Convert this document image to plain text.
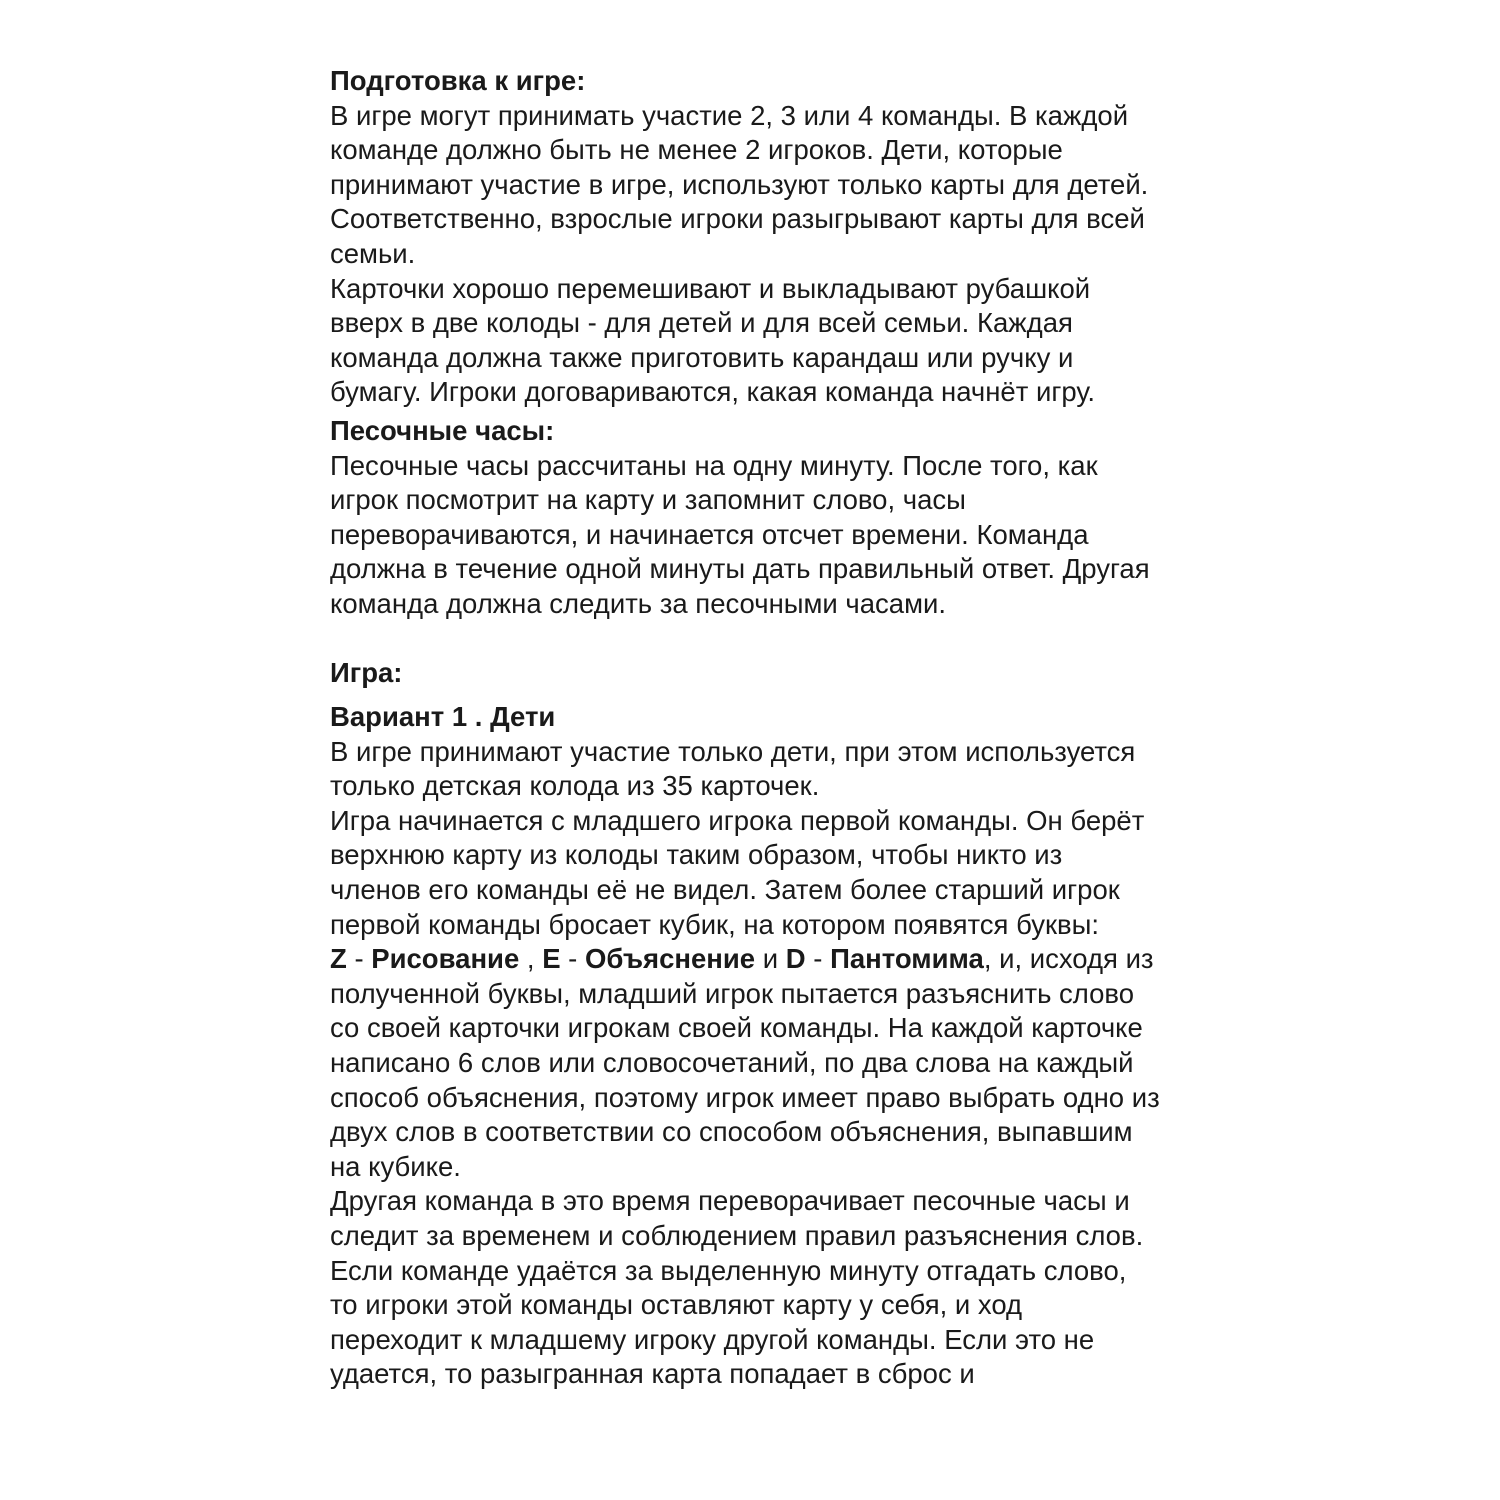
Подготовка к игре:
В игре могут принимать участие 2, 3 или 4 команды. В каждой
команде должно быть не менее 2 игроков. Дети, которые
принимают участие в игре, используют только карты для детей.
Соответственно, взрослые игроки разыгрывают карты для всей
семьи.
Карточки хорошо перемешивают и выкладывают рубашкой
вверх в две колоды - для детей и для всей семьи. Каждая
команда должна также приготовить карандаш или ручку и
бумагу. Игроки договариваются, какая команда начнёт игру.
Песочные часы:
Песочные часы рассчитаны на одну минуту. После того, как
игрок посмотрит на карту и запомнит слово, часы
переворачиваются, и начинается отсчет времени. Команда
должна в течение одной минуты дать правильный ответ. Другая
команда должна следить за песочными часами.
Игра:
Вариант 1 . Дети
В игре принимают участие только дети, при этом используется
только детская колода из 35 карточек.
Игра начинается с младшего игрока первой команды. Он берёт
верхнюю карту из колоды таким образом, чтобы никто из
членов его команды её не видел. Затем более старший игрок
первой команды бросает кубик, на котором появятся буквы:
Z - Рисование , E - Объяснение и D - Пантомима, и, исходя из
полученной буквы, младший игрок пытается разъяснить слово
со своей карточки игрокам своей команды. На каждой карточке
написано 6 слов или словосочетаний, по два слова на каждый
способ объяснения, поэтому игрок имеет право выбрать одно из
двух слов в соответствии со способом объяснения, выпавшим
на кубике.
Другая команда в это время переворачивает песочные часы и
следит за временем и соблюдением правил разъяснения слов.
Если команде удаётся за выделенную минуту отгадать слово,
то игроки этой команды оставляют карту у себя, и ход
переходит к младшему игроку другой команды. Если это не
удается, то разыгранная карта попадает в сброс и
